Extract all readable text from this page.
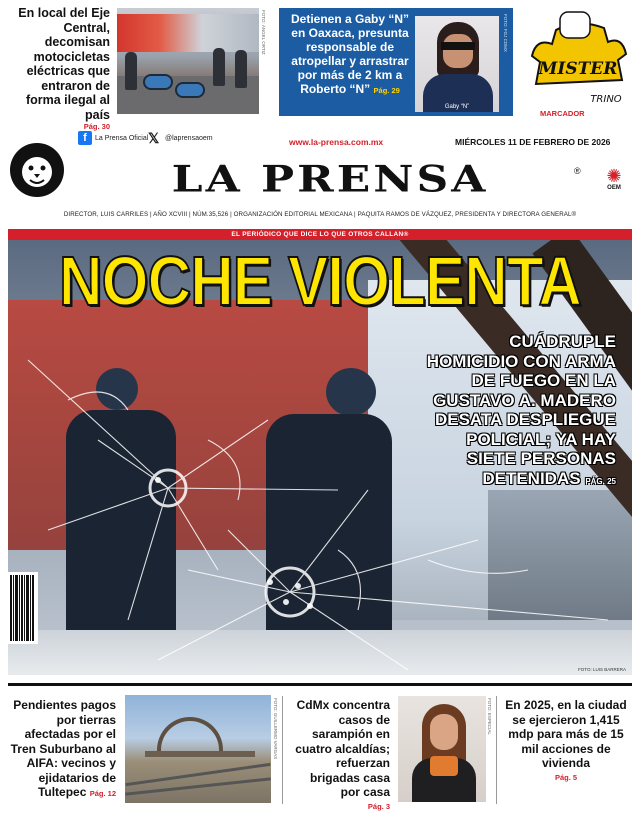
En local del Eje Central, decomisan motocicletas eléctricas que entraron de forma ilegal al país
Pág. 30
FOTO: ÁNGEL ORTIZ	Detienen a Gaby “N” en Oaxaca, presunta responsable de atropellar y arrastrar por más de 2 km a Roberto “N” Pág. 29
Gaby “N”
FOTO: FGJ CDMX
MISTER
TRINO
MARCADOR
f	La Prensa Oficial 𝕏 @laprensaoem	www.la-prensa.com.mx	MIÉRCOLES 11 DE FEBRERO DE 2026
LA PRENSA	®	✺
OEM
DIRECTOR, LUIS CARRILES | AÑO XCVIII | NÚM.35,526 | ORGANIZACIÓN EDITORIAL MEXICANA | PAQUITA RAMOS DE VÁZQUEZ, PRESIDENTA Y DIRECTORA GENERAL®
EL PERIÓDICO QUE DICE LO QUE OTROS CALLAN®
NOCHE VIOLENTA
CUÁDRUPLE HOMICIDIO CON ARMA DE FUEGO EN LA GUSTAVO A. MADERO DESATA DESPLIEGUE POLICIAL; YA HAY SIETE PERSONAS DETENIDAS PÁG. 25
FOTO: LUIS BARRERA
Pendientes pagos por tierras afectadas por el Tren Suburbano al AIFA: vecinos y ejidatarios de Tultepec Pág. 12
FOTO: GUILLERMO VARGAS	CdMx concentra casos de sarampión en cuatro alcaldías; refuerzan brigadas casa por casa
Pág. 3
FOTO: ESPECIAL En 2025, en la ciudad se ejercieron 1,415 mdp para más de 15 mil acciones de vivienda
Pág. 5
